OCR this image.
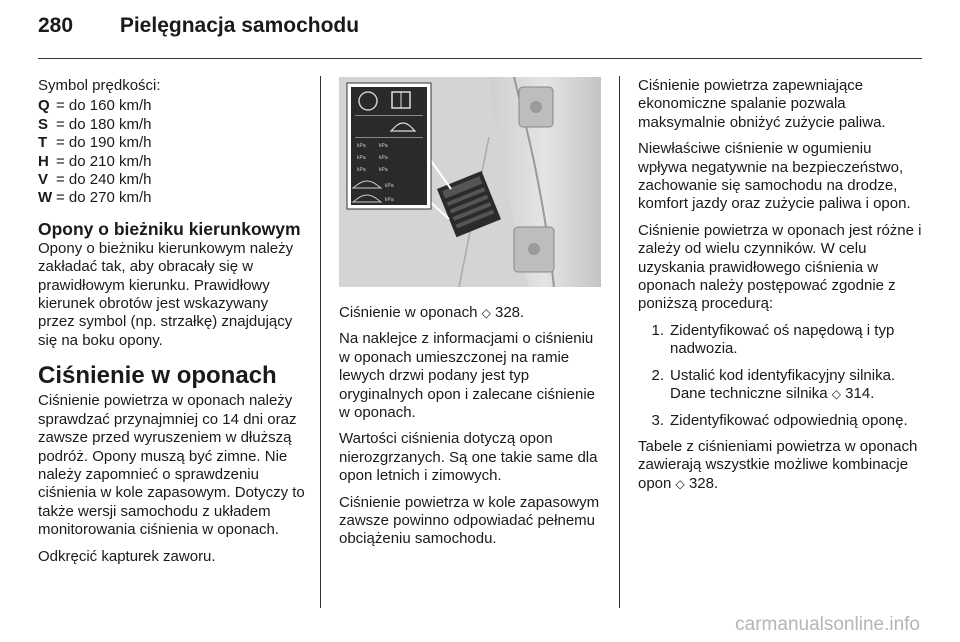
280 Pielęgnacja samochodu

Symbol prędkości:

Q = do 160 km/h
S = do 180 km/h
T = do 190 km/h
H = do 210 km/h
V = do 240 km/h
W = do 270 km/h
Opony o bieżniku kierunkowym

Opony o bieżniku kierunkowym należy zakładać tak, aby obracały się w prawidłowym kierunku. Prawidłowy kierunek obrotów jest wskazywany przez symbol (np. strzałkę) znajdujący się na boku opony.

Ciśnienie w oponach

Ciśnienie powietrza w oponach należy sprawdzać przynajmniej co 14 dni oraz zawsze przed wyruszeniem w dłuższą podróż. Opony muszą być zimne. Nie należy zapomnieć o sprawdzeniu ciśnienia w kole zapasowym. Dotyczy to także wersji samochodu z układem monitorowania ciśnienia w oponach.

Odkręcić kapturek zaworu.

kPa	kPa
kPa	kPa
kPa	kPa
kPa
kPa

Ciśnienie w oponach ◇ 328.

Na naklejce z informacjami o ciśnieniu w oponach umieszczonej na ramie lewych drzwi podany jest typ oryginalnych opon i zalecane ciśnienie w oponach.

Wartości ciśnienia dotyczą opon nierozgrzanych. Są one takie same dla opon letnich i zimowych.

Ciśnienie powietrza w kole zapasowym zawsze powinno odpowiadać pełnemu obciążeniu samochodu.

Ciśnienie powietrza zapewniające ekonomiczne spalanie pozwala maksymalnie obniżyć zużycie paliwa.

Niewłaściwe ciśnienie w ogumieniu wpływa negatywnie na bezpieczeństwo, zachowanie się samochodu na drodze, komfort jazdy oraz zużycie paliwa i opon.

Ciśnienie powietrza w oponach jest różne i zależy od wielu czynników. W celu uzyskania prawidłowego ciśnienia w oponach należy postępować zgodnie z poniższą procedurą:

1. Zidentyfikować oś napędową i typ nadwozia.
2. Ustalić kod identyfikacyjny silnika. Dane techniczne silnika ◇ 314.
3. Zidentyfikować odpowiednią oponę.

Tabele z ciśnieniami powietrza w oponach zawierają wszystkie możliwe kombinacje opon ◇ 328.

carmanualsonline.info
